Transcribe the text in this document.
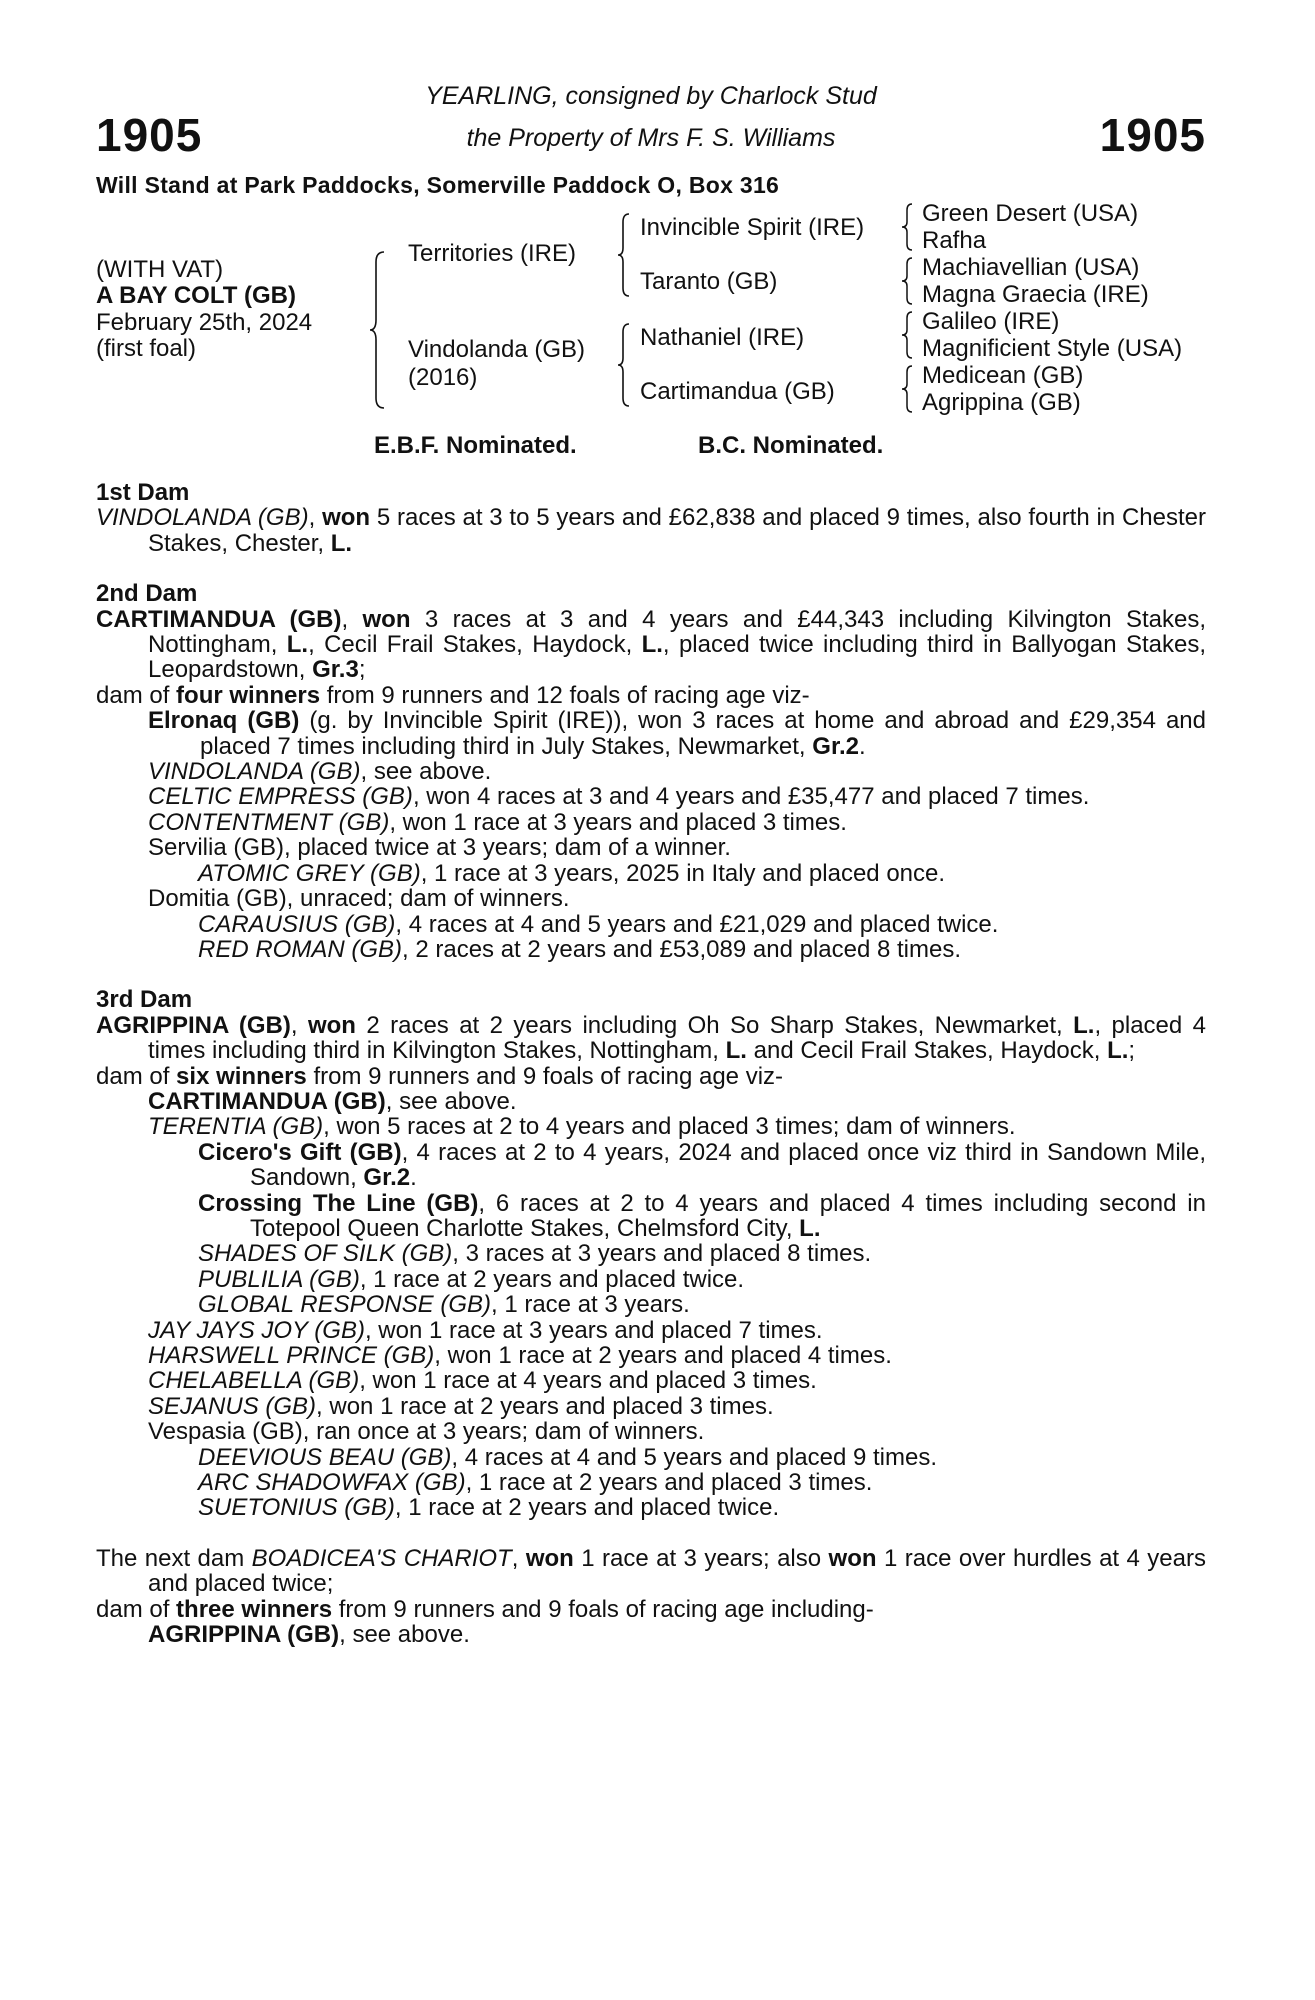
1905	1905
YEARLING, consigned by Charlock Stud
the Property of Mrs F. S. Williams
Will Stand at Park Paddocks, Somerville Paddock O, Box 316
(WITH VAT)
A BAY COLT (GB)
February 25th, 2024
(first foal)
Territories (IRE)
Vindolanda (GB)
(2016)
Invincible Spirit (IRE)
Taranto (GB)
Nathaniel (IRE)
Cartimandua (GB)
Green Desert (USA)
Rafha
Machiavellian (USA)
Magna Graecia (IRE)
Galileo (IRE)
Magnificient Style (USA)
Medicean (GB)
Agrippina (GB)
E.B.F. Nominated.	B.C. Nominated.
1st Dam
VINDOLANDA (GB), won 5 races at 3 to 5 years and £62,838 and placed 9 times, also fourth in Chester Stakes, Chester, L.
2nd Dam
CARTIMANDUA (GB), won 3 races at 3 and 4 years and £44,343 including Kilvington Stakes, Nottingham, L., Cecil Frail Stakes, Haydock, L., placed twice including third in Ballyogan Stakes, Leopardstown, Gr.3;
dam of four winners from 9 runners and 12 foals of racing age viz-
Elronaq (GB) (g. by Invincible Spirit (IRE)), won 3 races at home and abroad and £29,354 and placed 7 times including third in July Stakes, Newmarket, Gr.2.
VINDOLANDA (GB), see above.
CELTIC EMPRESS (GB), won 4 races at 3 and 4 years and £35,477 and placed 7 times.
CONTENTMENT (GB), won 1 race at 3 years and placed 3 times.
Servilia (GB), placed twice at 3 years; dam of a winner.
ATOMIC GREY (GB), 1 race at 3 years, 2025 in Italy and placed once.
Domitia (GB), unraced; dam of winners.
CARAUSIUS (GB), 4 races at 4 and 5 years and £21,029 and placed twice.
RED ROMAN (GB), 2 races at 2 years and £53,089 and placed 8 times.
3rd Dam
AGRIPPINA (GB), won 2 races at 2 years including Oh So Sharp Stakes, Newmarket, L., placed 4 times including third in Kilvington Stakes, Nottingham, L. and Cecil Frail Stakes, Haydock, L.;
dam of six winners from 9 runners and 9 foals of racing age viz-
CARTIMANDUA (GB), see above.
TERENTIA (GB), won 5 races at 2 to 4 years and placed 3 times; dam of winners.
Cicero's Gift (GB), 4 races at 2 to 4 years, 2024 and placed once viz third in Sandown Mile, Sandown, Gr.2.
Crossing The Line (GB), 6 races at 2 to 4 years and placed 4 times including second in Totepool Queen Charlotte Stakes, Chelmsford City, L.
SHADES OF SILK (GB), 3 races at 3 years and placed 8 times.
PUBLILIA (GB), 1 race at 2 years and placed twice.
GLOBAL RESPONSE (GB), 1 race at 3 years.
JAY JAYS JOY (GB), won 1 race at 3 years and placed 7 times.
HARSWELL PRINCE (GB), won 1 race at 2 years and placed 4 times.
CHELABELLA (GB), won 1 race at 4 years and placed 3 times.
SEJANUS (GB), won 1 race at 2 years and placed 3 times.
Vespasia (GB), ran once at 3 years; dam of winners.
DEEVIOUS BEAU (GB), 4 races at 4 and 5 years and placed 9 times.
ARC SHADOWFAX (GB), 1 race at 2 years and placed 3 times.
SUETONIUS (GB), 1 race at 2 years and placed twice.
The next dam BOADICEA'S CHARIOT, won 1 race at 3 years; also won 1 race over hurdles at 4 years and placed twice;
dam of three winners from 9 runners and 9 foals of racing age including-
AGRIPPINA (GB), see above.
